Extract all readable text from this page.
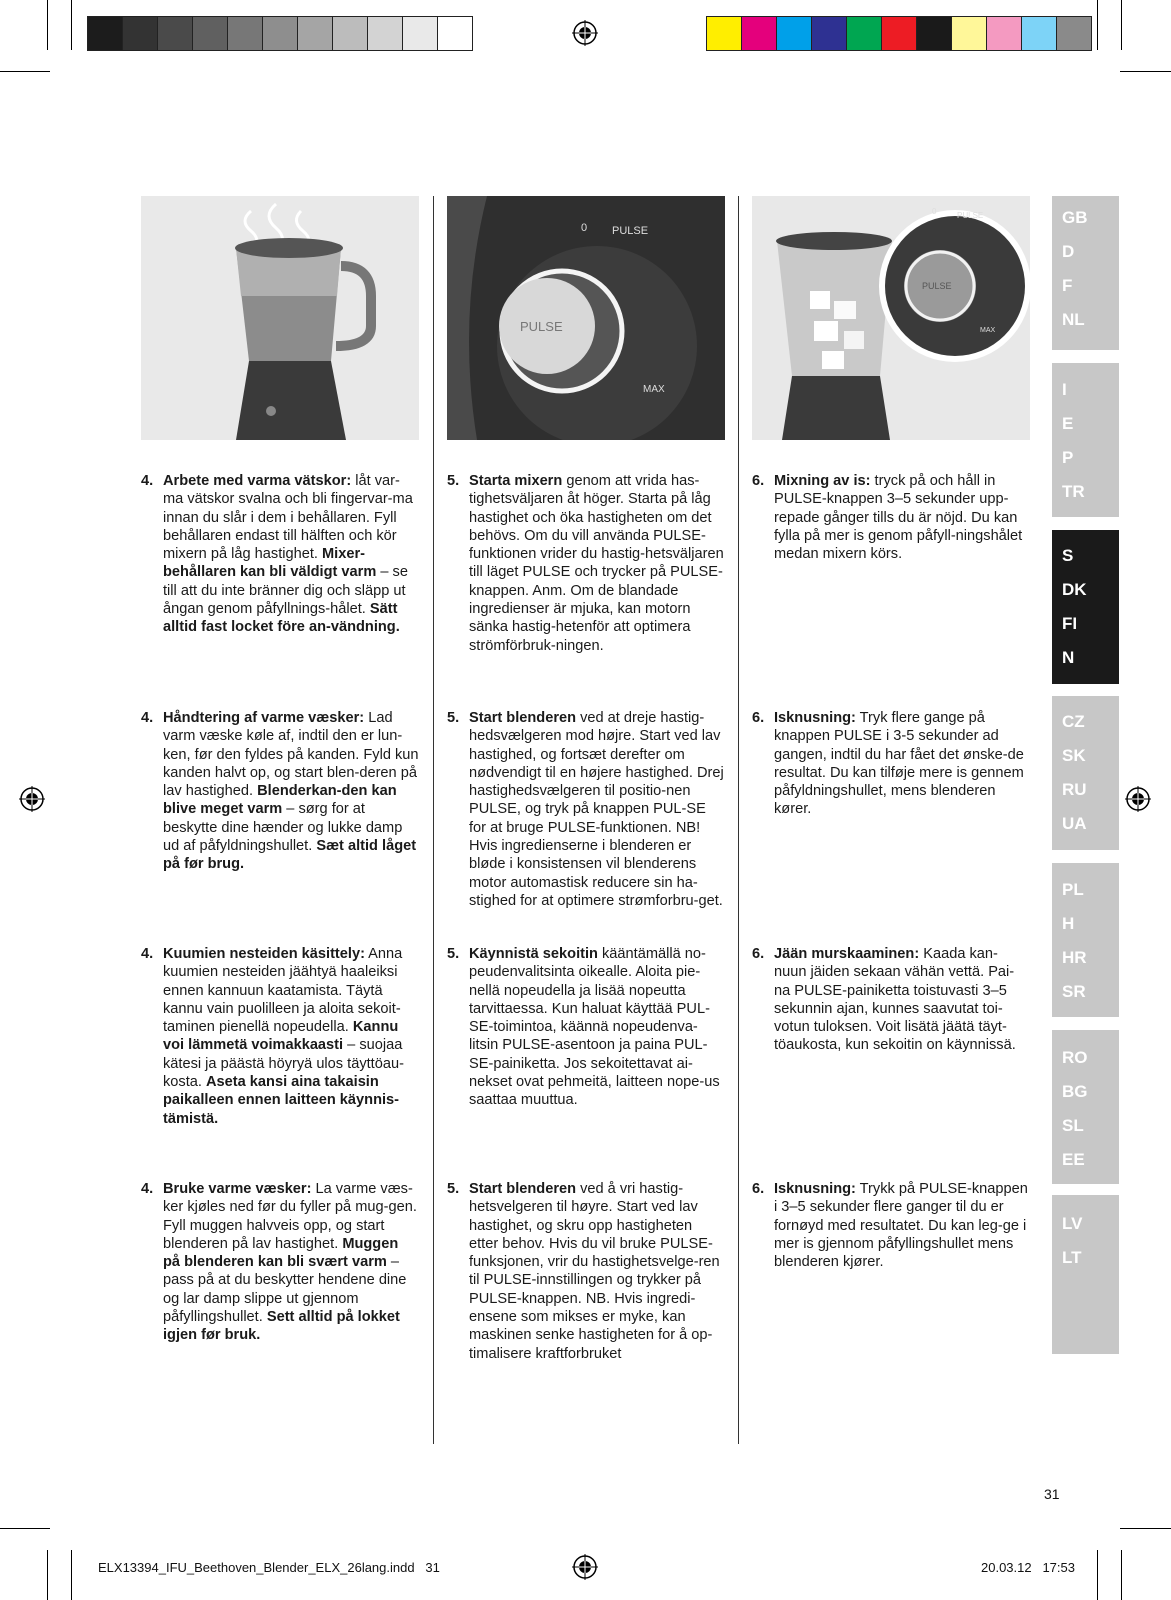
0 PULSE
PULSE
MAX
0	PULSE
PULSE
MAX
4. Arbete med varma vätskor: låt var-ma vätskor svalna och bli fingervar-ma innan du slår i dem i behållaren. Fyll behållaren endast till hälften och kör mixern på låg hastighet. Mixer-behållaren kan bli väldigt varm – se till att du inte bränner dig och släpp ut ångan genom påfyllnings-hålet. Sätt alltid fast locket före an-vändning.
5. Starta mixern genom att vrida has-tighetsväljaren åt höger. Starta på låg hastighet och öka hastigheten om det behövs. Om du vill använda PULSE-funktionen vrider du hastig-hetsväljaren till läget PULSE och trycker på PULSE-knappen. Anm. Om de blandade ingredienser är mjuka, kan motorn sänka hastig-hetenför att optimera strömförbruk-ningen.
6. Mixning av is: tryck på och håll in PULSE-knappen 3–5 sekunder upp-repade gånger tills du är nöjd. Du kan fylla på mer is genom påfyll-ningshålet medan mixern körs.
4. Håndtering af varme væsker: Lad varm væske køle af, indtil den er lun-ken, før den fyldes på kanden. Fyld kun kanden halvt op, og start blen-deren på lav hastighed. Blenderkan-den kan blive meget varm – sørg for at beskytte dine hænder og lukke damp ud af påfyldningshullet. Sæt altid låget på før brug.
5. Start blenderen ved at dreje hastig-hedsvælgeren mod højre. Start ved lav hastighed, og fortsæt derefter om nødvendigt til en højere hastighed. Drej hastighedsvælgeren til positio-nen PULSE, og tryk på knappen PUL-SE for at bruge PULSE-funktionen. NB! Hvis ingredienserne i blenderen er bløde i konsistensen vil blenderens motor automastisk reducere sin ha-stighed for at optimere strømforbru-get.
6. Isknusning: Tryk flere gange på knappen PULSE i 3-5 sekunder ad gangen, indtil du har fået det ønske-de resultat. Du kan tilføje mere is gennem påfyldningshullet, mens blenderen kører.
4. Kuumien nesteiden käsittely: Anna kuumien nesteiden jäähtyä haaleiksi ennen kannuun kaatamista. Täytä kannu vain puolilleen ja aloita sekoit-taminen pienellä nopeudella. Kannu voi lämmetä voimakkaasti – suojaa kätesi ja päästä höyryä ulos täyttöau-kosta. Aseta kansi aina takaisin paikalleen ennen laitteen käynnis-tämistä.
5. Käynnistä sekoitin kääntämällä no-peudenvalitsinta oikealle. Aloita pie-nellä nopeudella ja lisää nopeutta tarvittaessa. Kun haluat käyttää PUL-SE-toimintoa, käännä nopeudenva-litsin PULSE-asentoon ja paina PUL-SE-painiketta. Jos sekoitettavat ai-nekset ovat pehmeitä, laitteen nope-us saattaa muuttua.
6. Jään murskaaminen: Kaada kan-nuun jäiden sekaan vähän vettä. Pai-na PULSE-painiketta toistuvasti 3–5 sekunnin ajan, kunnes saavutat toi-votun tuloksen. Voit lisätä jäätä täyt-töaukosta, kun sekoitin on käynnissä.
4. Bruke varme væsker: La varme væs-ker kjøles ned før du fyller på mug-gen. Fyll muggen halvveis opp, og start blenderen på lav hastighet. Muggen på blenderen kan bli svært varm – pass på at du beskytter hendene dine og lar damp slippe ut gjennom påfyllingshullet. Sett alltid på lokket igjen før bruk.
5. Start blenderen ved å vri hastig-hetsvelgeren til høyre. Start ved lav hastighet, og skru opp hastigheten etter behov. Hvis du vil bruke PULSE-funksjonen, vrir du hastighetsvelge-ren til PULSE-innstillingen og trykker på PULSE-knappen. NB. Hvis ingredi-ensene som mikses er myke, kan maskinen senke hastigheten for å op-timalisere kraftforbruket
6. Isknusning: Trykk på PULSE-knappen i 3–5 sekunder flere ganger til du er fornøyd med resultatet. Du kan leg-ge i mer is gjennom påfyllingshullet mens blenderen kjører.
GB
D
F
NL
I
E
P
TR
S
DK
FI
N
CZ
SK
RU
UA
PL
H
HR
SR
RO
BG
SL
EE
LV
LT
31
ELX13394_IFU_Beethoven_Blender_ELX_26lang.indd   31	20.03.12   17:53
